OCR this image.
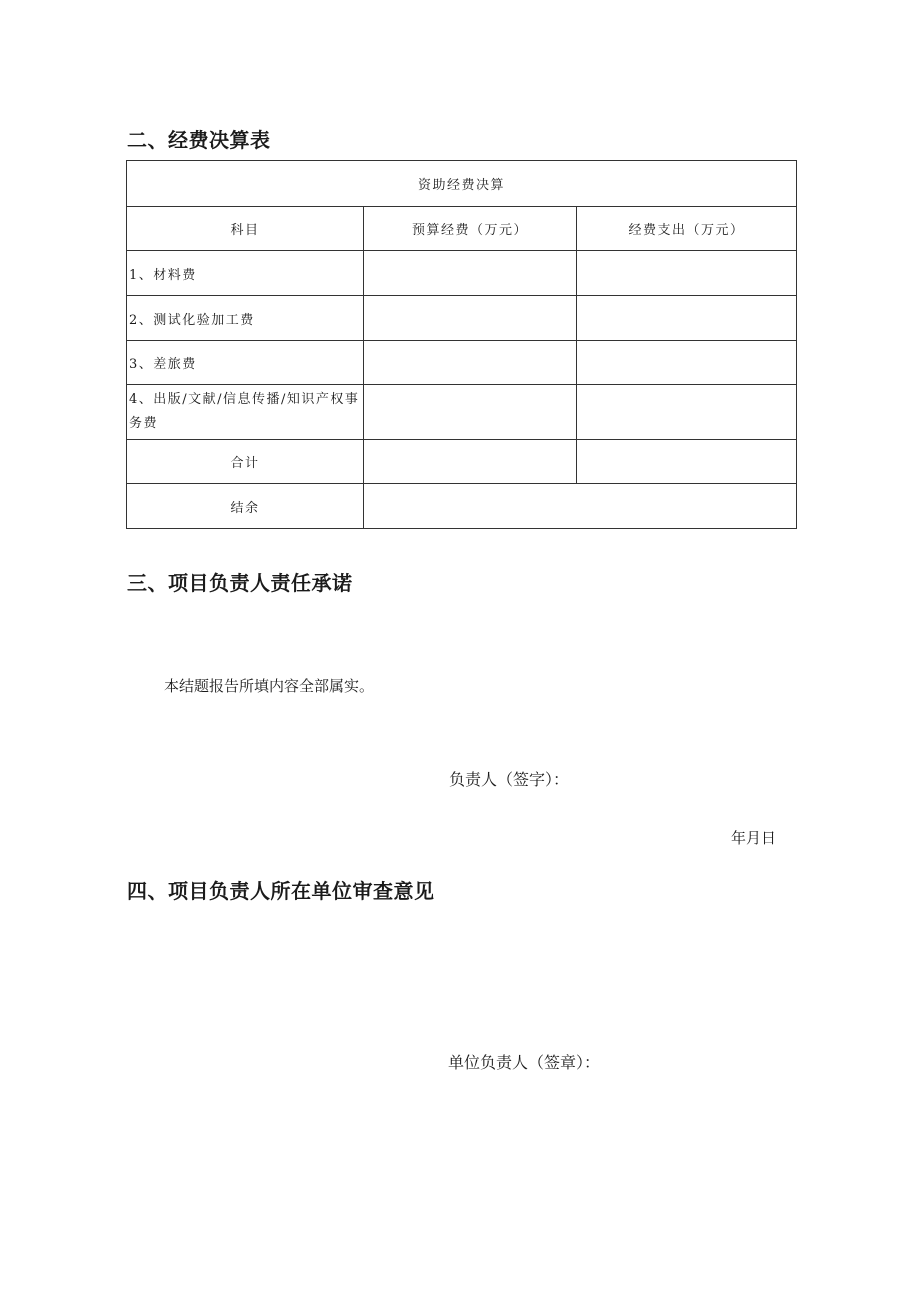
二、经费决算表
资助经费决算		
科目	预算经费（万元）	经费支出（万元）
1、材料费		
2、测试化验加工费		
3、差旅费		
4、出版/文献/信息传播/知识产权事务费		
合计		
结余		
三、项目负责人责任承诺

本结题报告所填内容全部属实。

负责人（签字）：

年月日

四、项目负责人所在单位审查意见

单位负责人（签章）：
